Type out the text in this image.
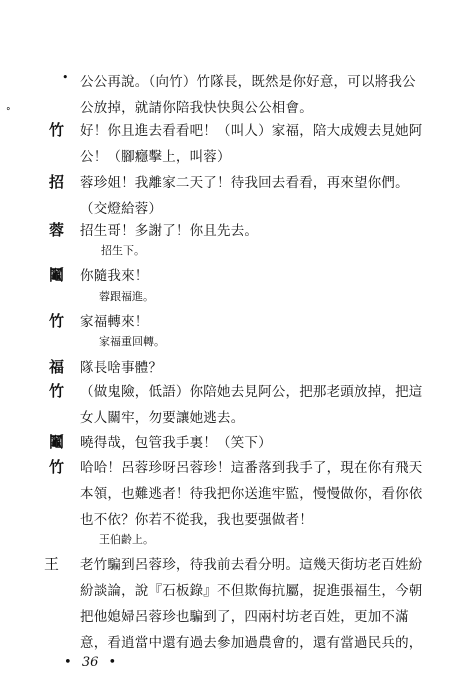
°
• 公公再說。（向竹）竹隊長，既然是你好意，可以將我公
公放掉，就請你陪我快快與公公相會。
竹 好！你且進去看看吧！（叫人）家福，陪大成嫂去見她阿
公！（腳癮擊上，叫蓉）
招 蓉珍姐！我離家二天了！待我回去看看，再來望你們。
（交燈給蓉）
蓉 招生哥！多謝了！你且先去。
招生下。
鬮 你隨我來！
蓉跟福進。
竹 家福轉來！
家福重回轉。
福 隊長啥事體？
竹 （做鬼險，低語）你陪她去見阿公，把那老頭放掉，把這
女人關牢，勿要讓她逃去。
鬮 曉得哉，包管我手裏！（笑下）
竹 哈哈！呂蓉珍呀呂蓉珍！這番落到我手了，現在你有飛天
本領，也難逃者！待我把你送進牢監，慢慢做你，看你依
也不依？你若不從我，我也要强做者！
王伯齡上。
王 老竹騙到呂蓉珍，待我前去看分明。這幾天街坊老百姓紛
紛談論，說『石板錄』不但欺侮抗屬，捉進張福生，今朝
把他媳婦呂蓉珍也騙到了，四兩村坊老百姓，更加不滿
意，看逍當中還有過去參加過農會的，還有當過民兵的，
• 36 •
